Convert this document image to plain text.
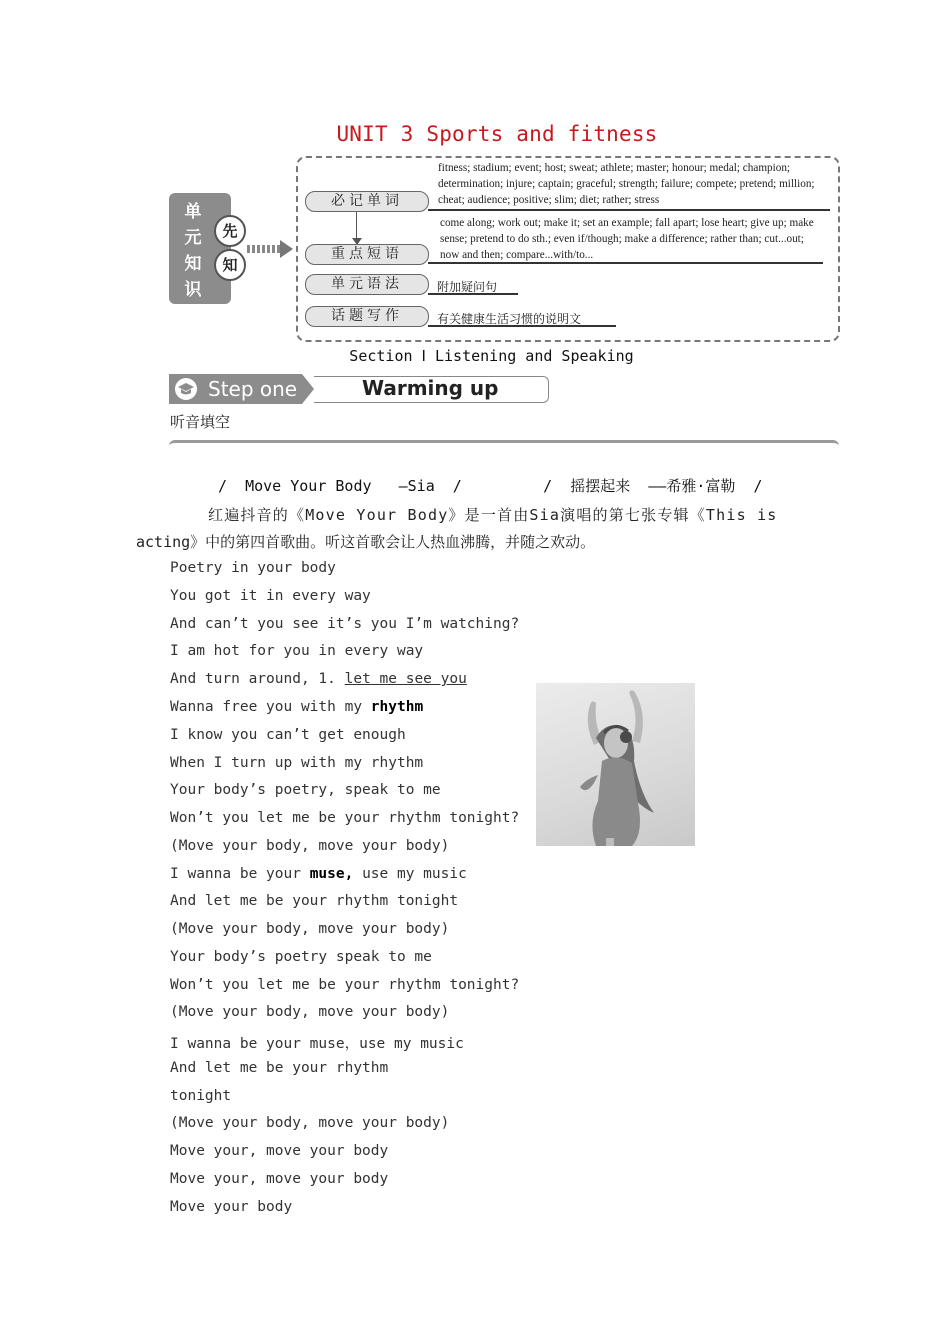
UNIT 3 Sports and fitness
单
元
知
识
先
知
必记单词
重点短语
单元语法
话题写作
fitness; stadium; event; host; sweat; athlete; master; honour; medal; champion; determination; injure; captain; graceful; strength; failure; compete; pretend; million; cheat; audience; positive; slim; diet; rather; stress
come along; work out; make it; set an example; fall apart; lose heart; give up; make sense; pretend to do sth.; even if/though; make a difference; rather than; cut...out; now and then; compare...with/to...
附加疑问句
有关健康生活习惯的说明文
Section Ⅰ Listening and Speaking
Step one	Warming up
听音填空
/  Move Your Body   —Sia  /         /  摇摆起来  ——希雅·富勒  /
红遍抖音的《Move Your Body》是一首由Sia演唱的第七张专辑《This is
acting》中的第四首歌曲。听这首歌会让人热血沸腾，并随之欢动。
Poetry in your body
You got it in every way
And can’t you see it’s you I’m watching?
I am hot for you in every way
And turn around, 1. let me see you
Wanna free you with my rhythm
I know you can’t get enough
When I turn up with my rhythm
Your body’s poetry, speak to me
Won’t you let me be your rhythm tonight?
(Move your body, move your body)
I wanna be your muse, use my music
And let me be your rhythm tonight
(Move your body, move your body)
Your body’s poetry speak to me
Won’t you let me be your rhythm tonight?
(Move your body, move your body)
I wanna be your muse，use my music
And let me be your rhythm
tonight
(Move your body, move your body)
Move your, move your body
Move your, move your body
Move your body
